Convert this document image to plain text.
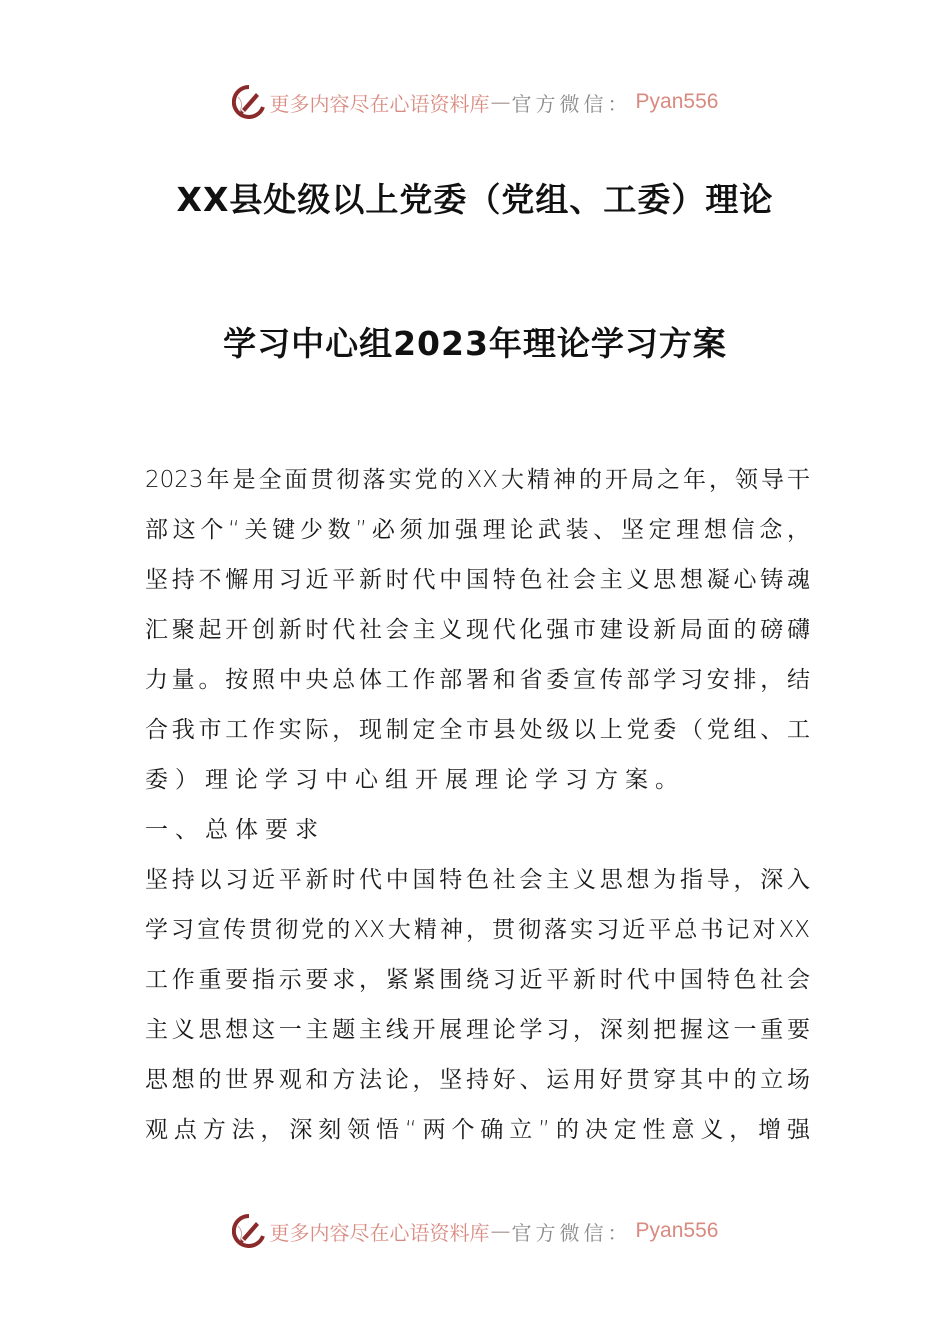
更多内容尽在心语资料库 — 官方微信： Pyan556
XX县处级以上党委（党组、工委）理论
学习中心组2023年理论学习方案
2023年是全面贯彻落实党的XX大精神的开局之年，领导干
部这个“关键少数”必须加强理论武装、坚定理想信念，
坚持不懈用习近平新时代中国特色社会主义思想凝心铸魂
汇聚起开创新时代社会主义现代化强市建设新局面的磅礴
力量。按照中央总体工作部署和省委宣传部学习安排，结
合我市工作实际，现制定全市县处级以上党委（党组、工
委）理论学习中心组开展理论学习方案。
一、总体要求
坚持以习近平新时代中国特色社会主义思想为指导，深入
学习宣传贯彻党的XX大精神，贯彻落实习近平总书记对XX
工作重要指示要求，紧紧围绕习近平新时代中国特色社会
主义思想这一主题主线开展理论学习，深刻把握这一重要
思想的世界观和方法论，坚持好、运用好贯穿其中的立场
观点方法，深刻领悟“两个确立”的决定性意义，增强
更多内容尽在心语资料库 — 官方微信： Pyan556
